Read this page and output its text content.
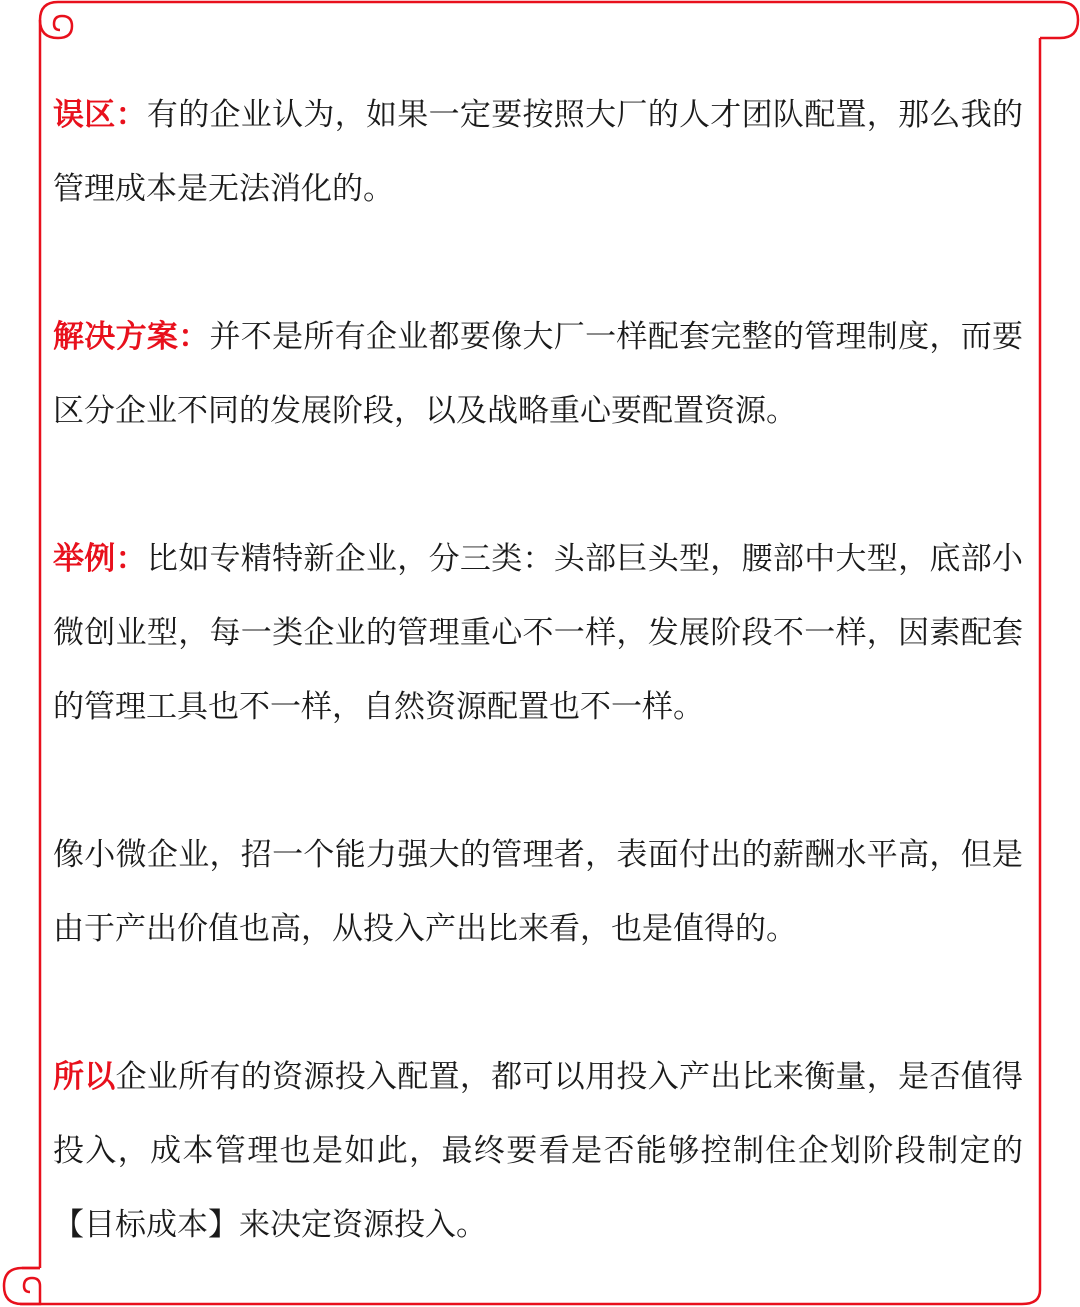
误区：有的企业认为，如果一定要按照大厂的人才团队配置，那么我的管理成本是无法消化的。

解决方案：并不是所有企业都要像大厂一样配套完整的管理制度，而要区分企业不同的发展阶段，以及战略重心要配置资源。

举例：比如专精特新企业，分三类：头部巨头型，腰部中大型，底部小微创业型，每一类企业的管理重心不一样，发展阶段不一样，因素配套的管理工具也不一样，自然资源配置也不一样。

像小微企业，招一个能力强大的管理者，表面付出的薪酬水平高，但是由于产出价值也高，从投入产出比来看，也是值得的。

所以企业所有的资源投入配置，都可以用投入产出比来衡量，是否值得投入，成本管理也是如此，最终要看是否能够控制住企划阶段制定的【目标成本】来决定资源投入。
